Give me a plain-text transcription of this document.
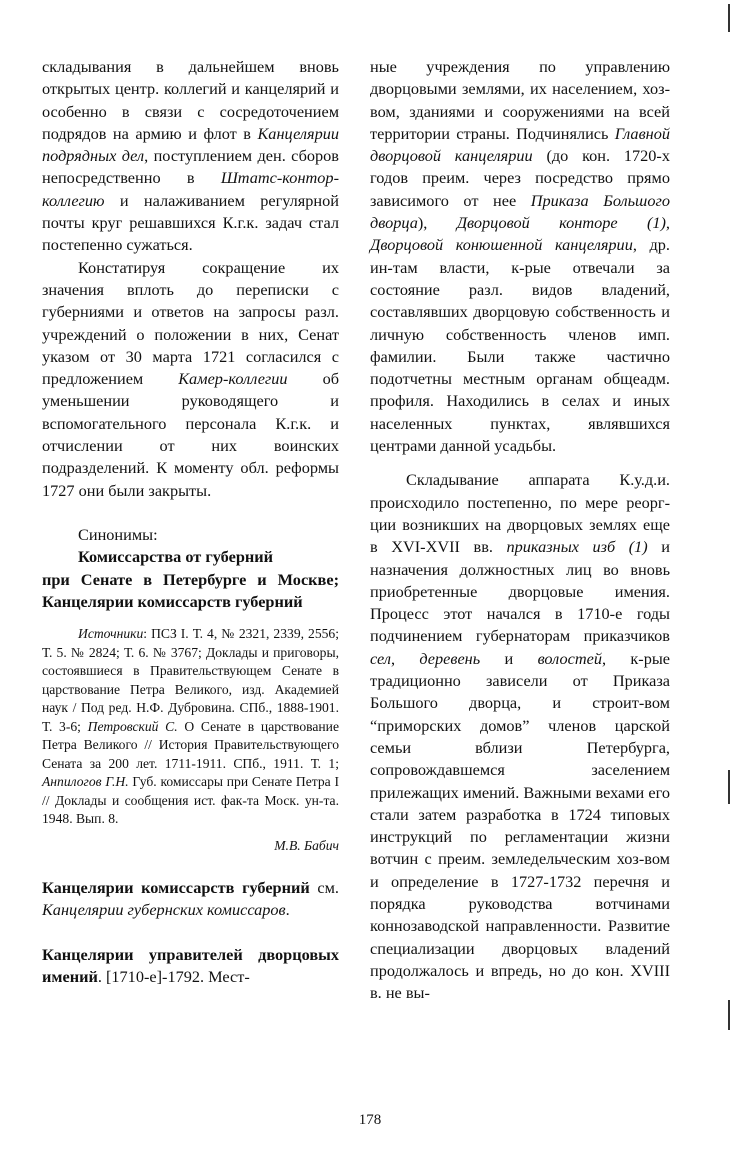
складывания в дальнейшем вновь открытых центр. коллегий и канцелярий и особенно в связи с сосредоточением подрядов на армию и флот в Канцелярии подрядных дел, поступлением ден. сборов непосредственно в Штатс-контор-коллегию и налаживанием регулярной почты круг решавшихся К.г.к. задач стал постепенно сужаться.

Констатируя сокращение их значения вплоть до переписки с губерниями и ответов на запросы разл. учреждений о положении в них, Сенат указом от 30 марта 1721 согласился с предложением Камер-коллегии об уменьшении руководящего и вспомогательного персонала К.г.к. и отчислении от них воинских подразделений. К моменту обл. реформы 1727 они были закрыты.

Синонимы:

Комиссарства от губерний
при Сенате в Петербурге и Москве; Канцелярии комиссарств губерний

Источники: ПСЗ I. Т. 4, № 2321, 2339, 2556; Т. 5. № 2824; Т. 6. № 3767; Доклады и приговоры, состоявшиеся в Правительствующем Сенате в царствование Петра Великого, изд. Академией наук / Под ред. Н.Ф. Дубровина. СПб., 1888-1901. Т. 3-6; Петровский С. О Сенате в царствование Петра Великого // История Правительствующего Сената за 200 лет. 1711-1911. СПб., 1911. Т. 1; Анпилогов Г.Н. Губ. комиссары при Сенате Петра I // Доклады и сообщения ист. фак-та Моск. ун-та. 1948. Вып. 8.

М.В. Бабич

Канцелярии комиссарств губерний см. Канцелярии губернских комиссаров.

Канцелярии управителей дворцовых имений. [1710-е]-1792. Мест-

ные учреждения по управлению дворцовыми землями, их населением, хоз-вом, зданиями и сооружениями на всей территории страны. Подчинялись Главной дворцовой канцелярии (до кон. 1720-х годов преим. через посредство прямо зависимого от нее Приказа Большого дворца), Дворцовой конторе (1), Дворцовой конюшенной канцелярии, др. ин-там власти, к-рые отвечали за состояние разл. видов владений, составлявших дворцовую собственность и личную собственность членов имп. фамилии. Были также частично подотчетны местным органам общеадм. профиля. Находились в селах и иных населенных пунктах, являвшихся центрами данной усадьбы.

Складывание аппарата К.у.д.и. происходило постепенно, по мере реорг-ции возникших на дворцовых землях еще в XVI-XVII вв. приказных изб (1) и назначения должностных лиц во вновь приобретенные дворцовые имения. Процесс этот начался в 1710-е годы подчинением губернаторам приказчиков сел, деревень и волостей, к-рые традиционно зависели от Приказа Большого дворца, и строит-вом “приморских домов” членов царской семьи вблизи Петербурга, сопровождавшемся заселением прилежащих имений. Важными вехами его стали затем разработка в 1724 типовых инструкций по регламентации жизни вотчин с преим. земледельческим хоз-вом и определение в 1727-1732 перечня и порядка руководства вотчинами коннозаводской направленности. Развитие специализации дворцовых владений продолжалось и впредь, но до кон. XVIII в. не вы-

178
